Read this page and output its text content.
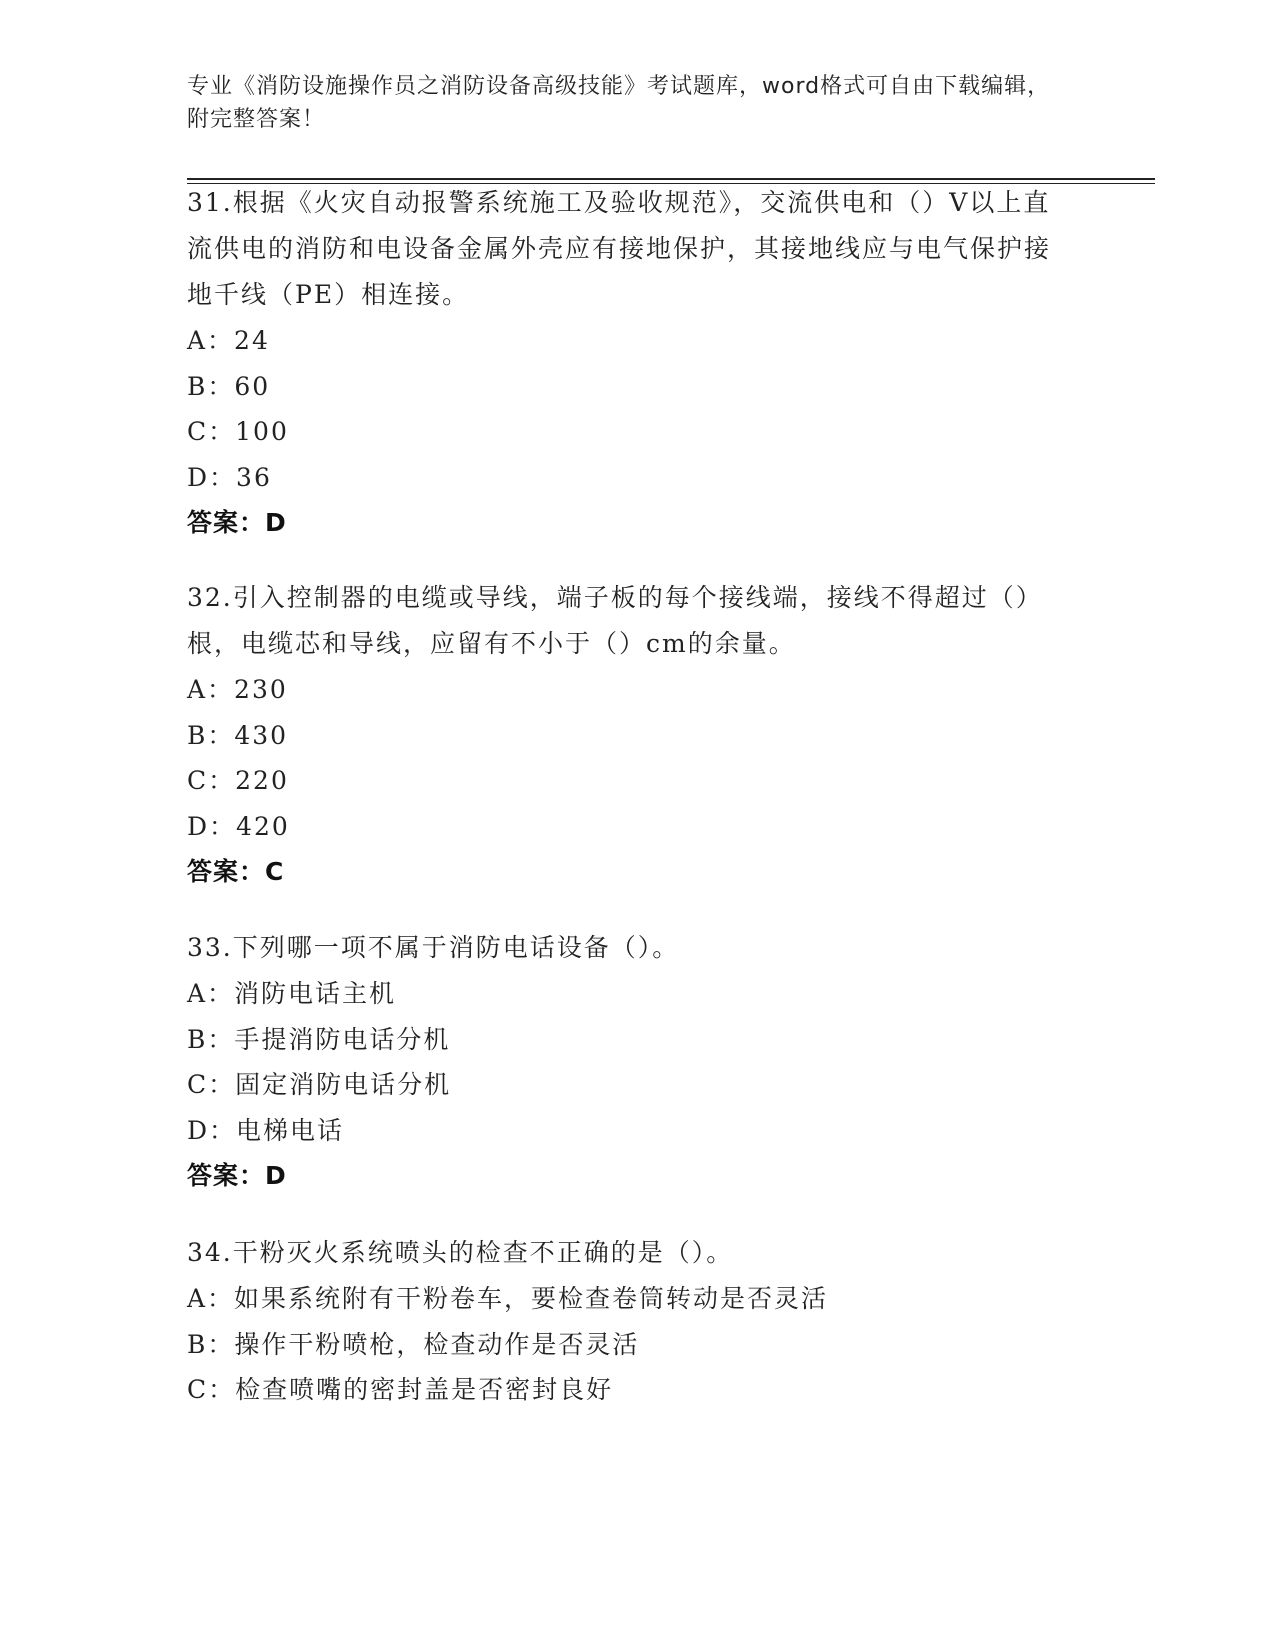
专业《消防设施操作员之消防设备高级技能》考试题库，word格式可自由下载编辑，附完整答案！
31.根据《火灾自动报警系统施工及验收规范》，交流供电和（）V以上直流供电的消防和电设备金属外壳应有接地保护，其接地线应与电气保护接地千线（PE）相连接。
A：24
B：60
C：100
D：36
答案：D
32.引入控制器的电缆或导线，端子板的每个接线端，接线不得超过（）根，电缆芯和导线，应留有不小于（）cm的余量。
A：230
B：430
C：220
D：420
答案：C
33.下列哪一项不属于消防电话设备（）。
A：消防电话主机
B：手提消防电话分机
C：固定消防电话分机
D：电梯电话
答案：D
34.干粉灭火系统喷头的检查不正确的是（）。
A：如果系统附有干粉卷车，要检查卷筒转动是否灵活
B：操作干粉喷枪，检查动作是否灵活
C：检查喷嘴的密封盖是否密封良好
